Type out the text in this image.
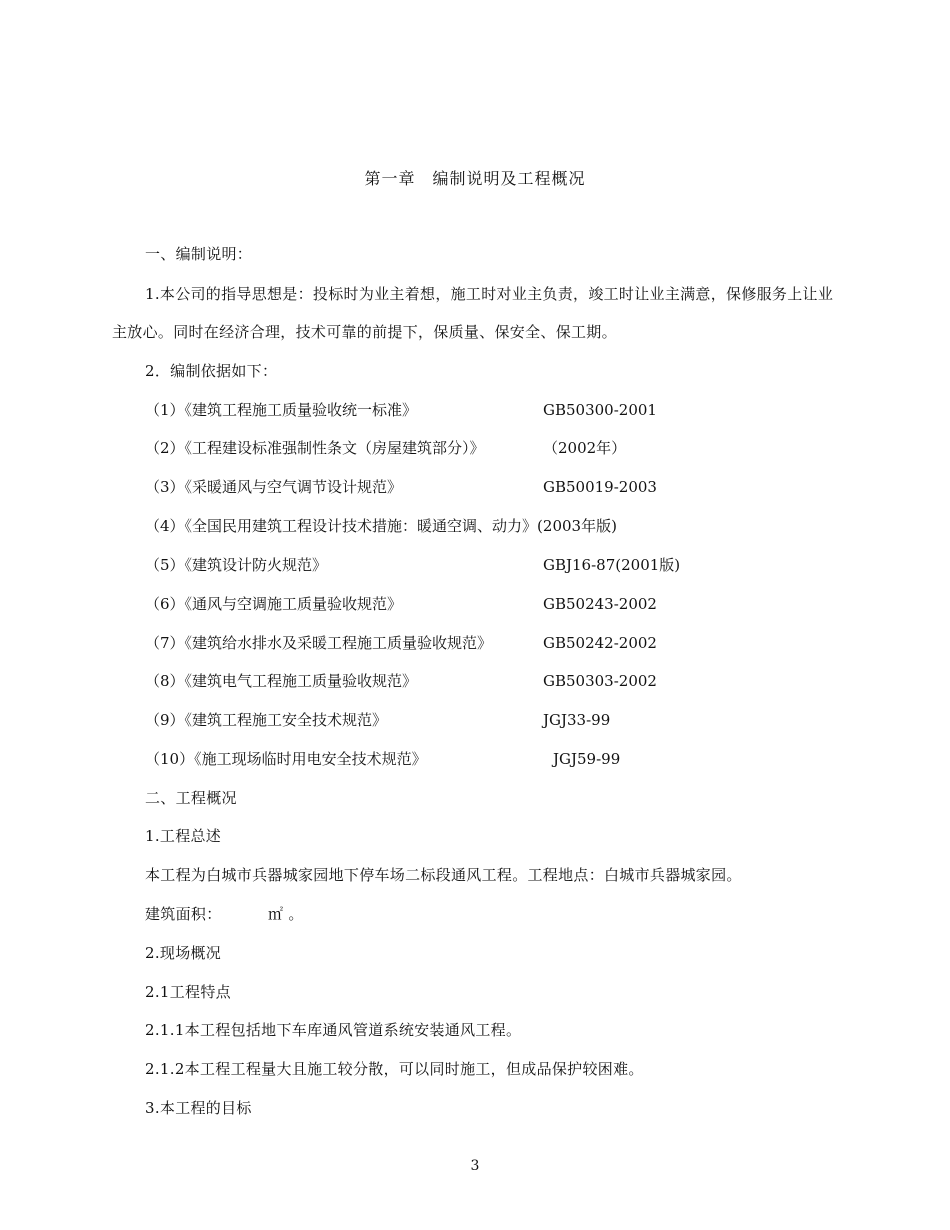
第一章　编制说明及工程概况
一、编制说明：
1.本公司的指导思想是：投标时为业主着想，施工时对业主负责，竣工时让业主满意，保修服务上让业
主放心。同时在经济合理，技术可靠的前提下，保质量、保安全、保工期。
2．编制依据如下：
（1）《建筑工程施工质量验收统一标准》	GB50300-2001
（2）《工程建设标准强制性条文（房屋建筑部分）》	（2002年）
（3）《采暖通风与空气调节设计规范》	GB50019-2003
（4）《全国民用建筑工程设计技术措施：暖通空调、动力》(2003年版)
（5）《建筑设计防火规范》	GBJ16-87(2001版)
（6）《通风与空调施工质量验收规范》	GB50243-2002
（7）《建筑给水排水及采暖工程施工质量验收规范》	GB50242-2002
（8）《建筑电气工程施工质量验收规范》	GB50303-2002
（9）《建筑工程施工安全技术规范》	JGJ33-99
（10）《施工现场临时用电安全技术规范》	JGJ59-99
二、工程概况
1.工程总述
本工程为白城市兵器城家园地下停车场二标段通风工程。工程地点：白城市兵器城家园。
建筑面积：	㎡ 。
2.现场概况
2.1工程特点
2.1.1本工程包括地下车库通风管道系统安装通风工程。
2.1.2本工程工程量大且施工较分散，可以同时施工，但成品保护较困难。
3.本工程的目标
3
